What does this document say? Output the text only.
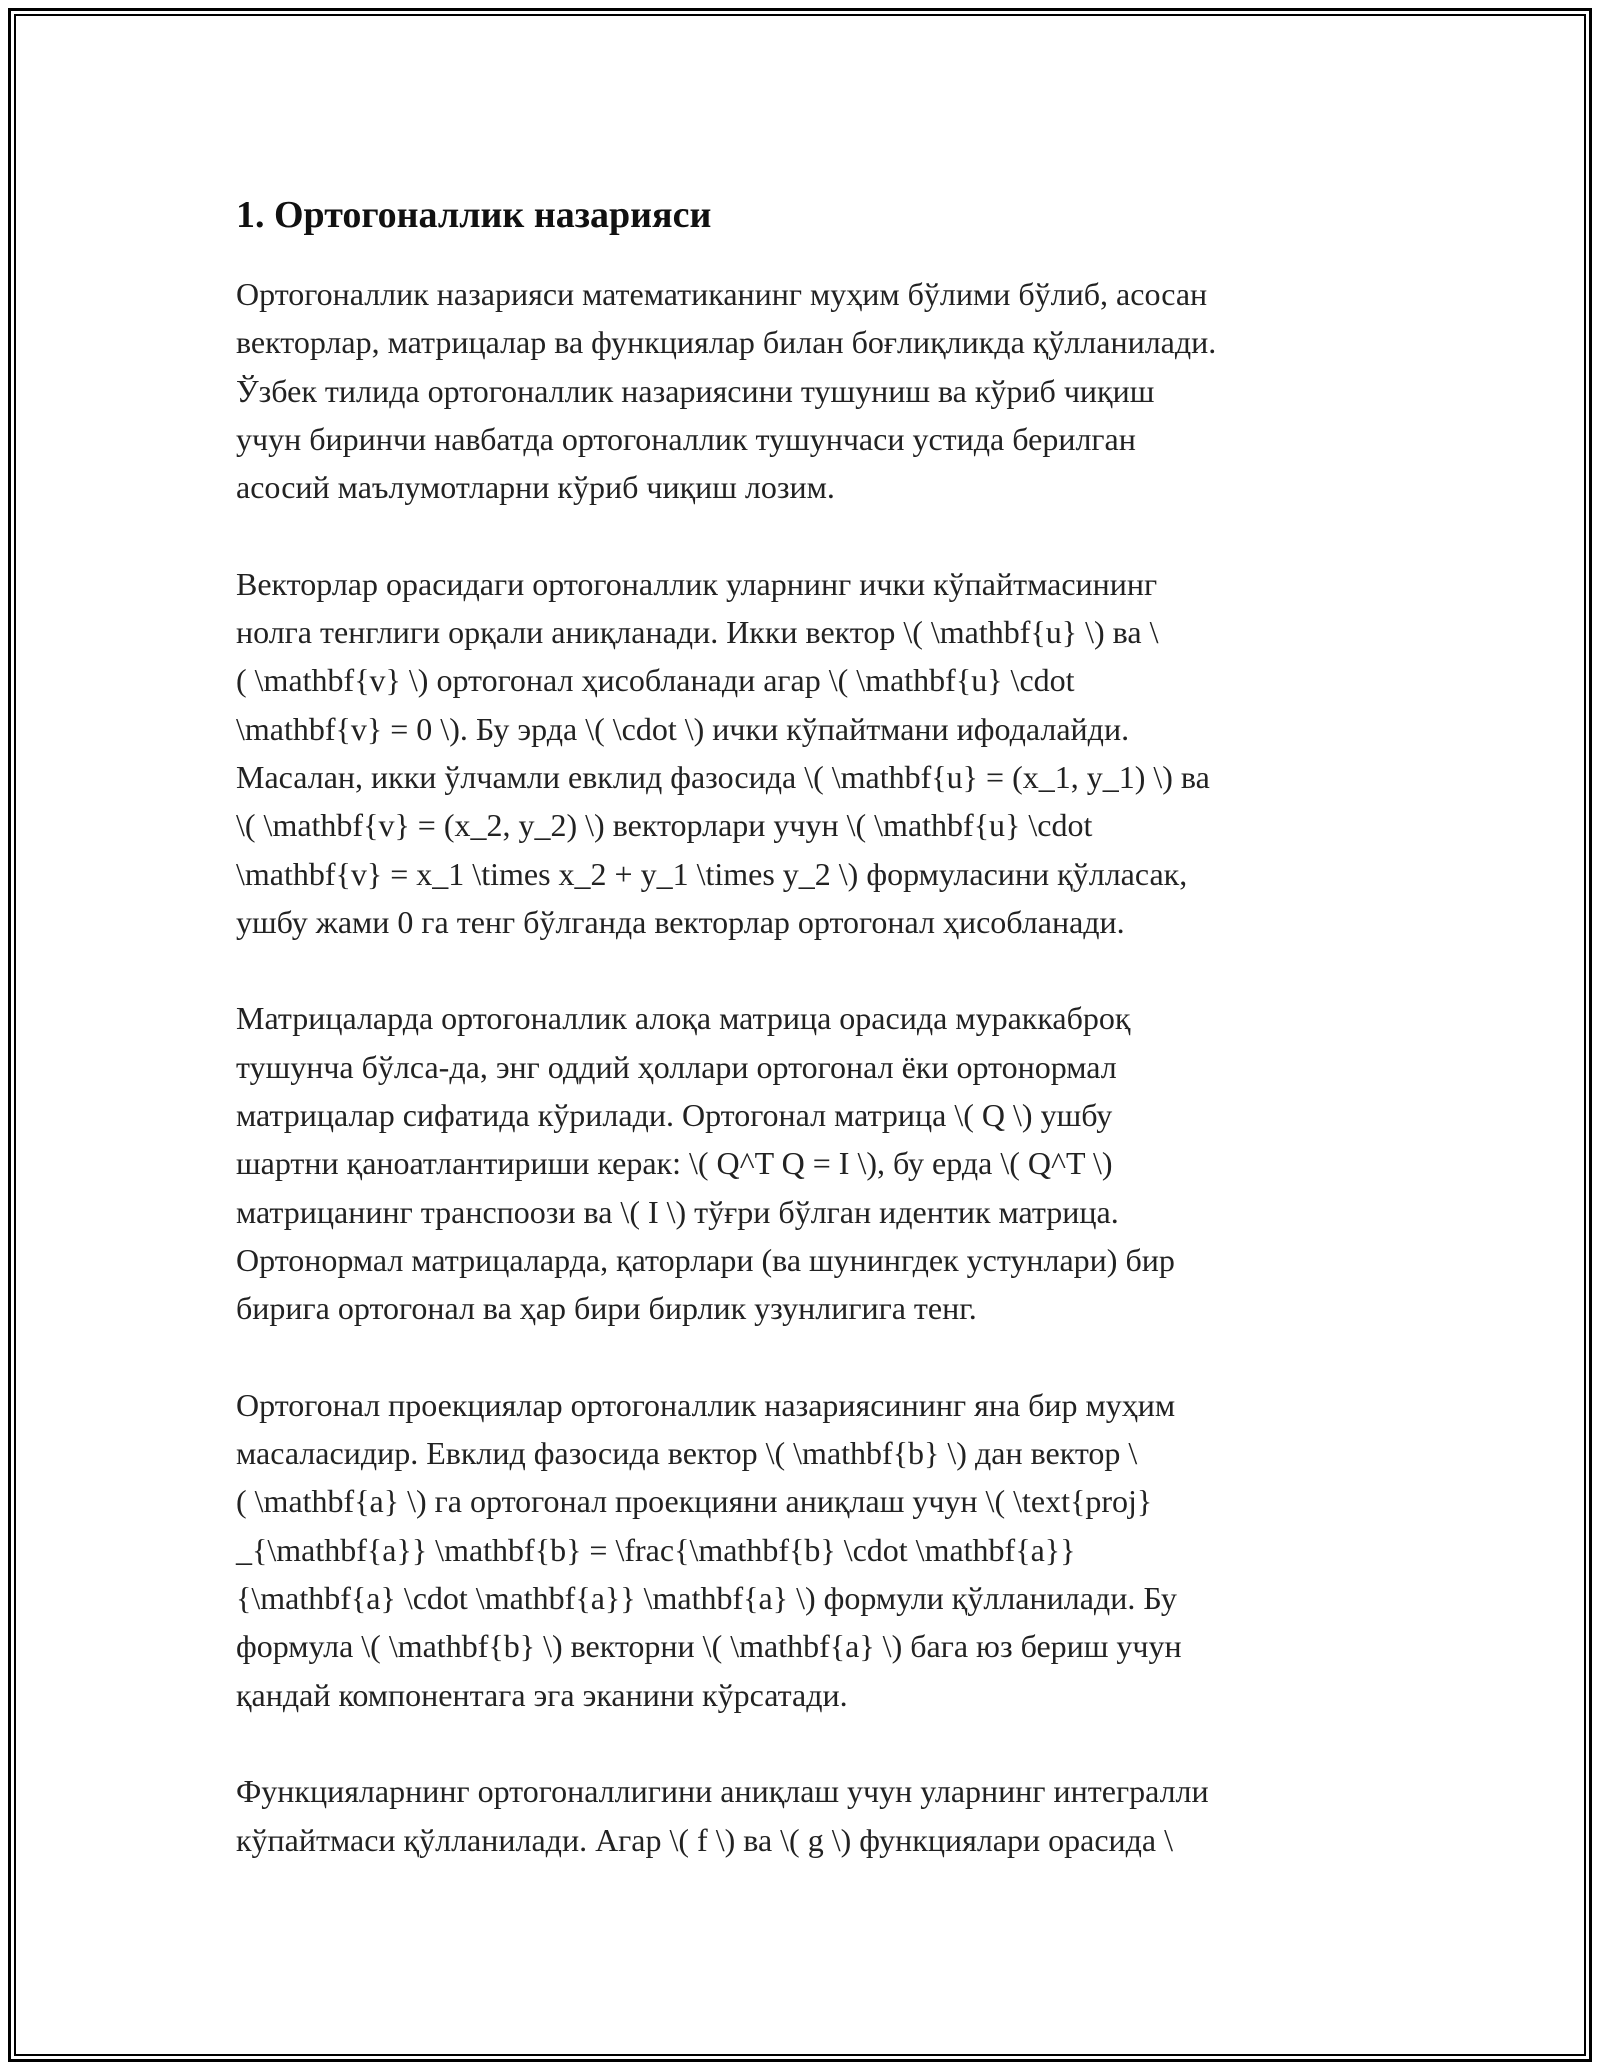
1. Ортогоналлик назарияси

Ортогоналлик назарияси математиканинг муҳим бўлими бўлиб, асосан
векторлар, матрицалар ва функциялар билан боғлиқликда қўлланилади.
Ўзбек тилида ортогоналлик назариясини тушуниш ва кўриб чиқиш
учун биринчи навбатда ортогоналлик тушунчаси устида берилган
асосий маълумотларни кўриб чиқиш лозим.

Векторлар орасидаги ортогоналлик уларнинг ички кўпайтмасининг
нолга тенглиги орқали аниқланади. Икки вектор \( \mathbf{u} \) ва \
( \mathbf{v} \) ортогонал ҳисобланади агар \( \mathbf{u} \cdot
\mathbf{v} = 0 \). Бу эрда \( \cdot \) ички кўпайтмани ифодалайди.
Масалан, икки ўлчамли евклид фазосида \( \mathbf{u} = (x_1, y_1) \) ва
\( \mathbf{v} = (x_2, y_2) \) векторлари учун \( \mathbf{u} \cdot
\mathbf{v} = x_1 \times x_2 + y_1 \times y_2 \) формуласини қўлласак,
ушбу жами 0 га тенг бўлганда векторлар ортогонал ҳисобланади.

Матрицаларда ортогоналлик алоқа матрица орасида мураккаброқ
тушунча бўлса-да, энг оддий ҳоллари ортогонал ёки ортонормал
матрицалар сифатида кўрилади. Ортогонал матрица \( Q \) ушбу
шартни қаноатлантириши керак: \( Q^T Q = I \), бу ерда \( Q^T \)
матрицанинг транспоози ва \( I \) тўғри бўлган идентик матрица.
Ортонормал матрицаларда, қаторлари (ва шунингдек устунлари) бир
бирига ортогонал ва ҳар бири бирлик узунлигига тенг.

Ортогонал проекциялар ортогоналлик назариясининг яна бир муҳим
масаласидир. Евклид фазосида вектор \( \mathbf{b} \) дан вектор \
( \mathbf{a} \) га ортогонал проекцияни аниқлаш учун \( \text{proj}
_{\mathbf{a}} \mathbf{b} = \frac{\mathbf{b} \cdot \mathbf{a}}
{\mathbf{a} \cdot \mathbf{a}} \mathbf{a} \) формули қўлланилади. Бу
формула \( \mathbf{b} \) векторни \( \mathbf{a} \) бага юз бериш учун
қандай компонентага эга эканини кўрсатади.

Функцияларнинг ортогоналлигини аниқлаш учун уларнинг интегралли
кўпайтмаси қўлланилади. Агар \( f \) ва \( g \) функциялари орасида \
